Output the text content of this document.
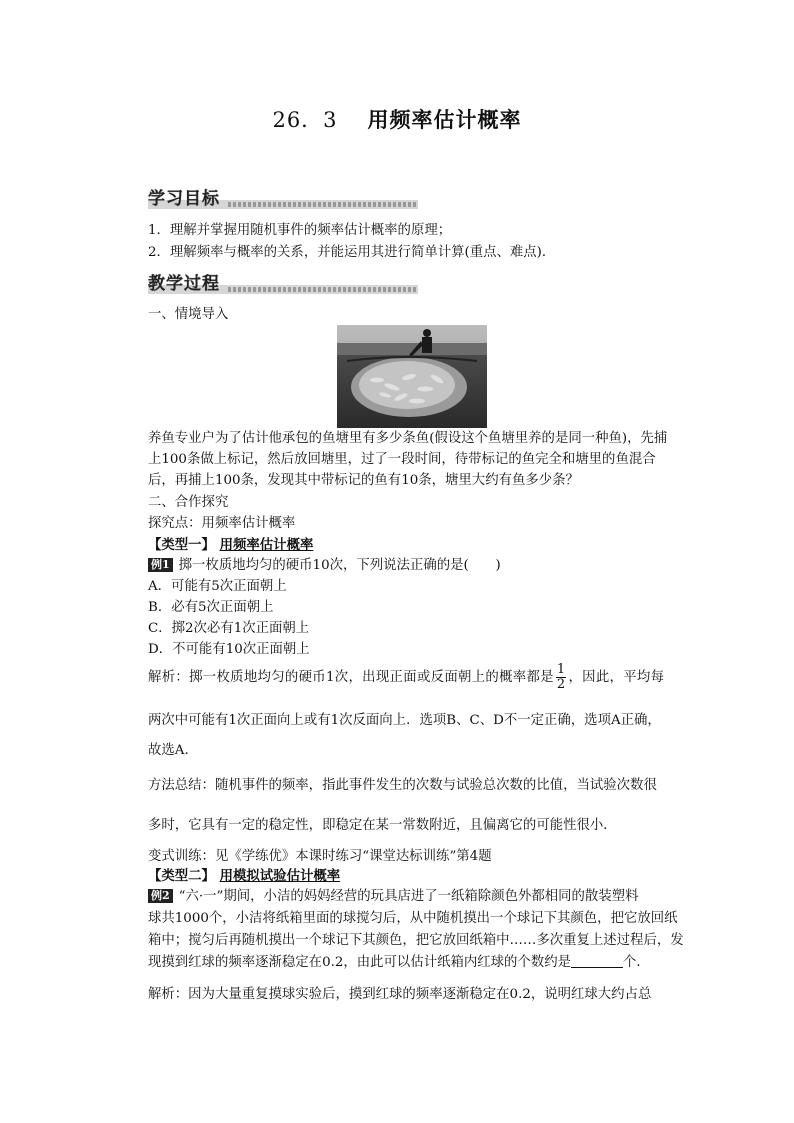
26．3 用频率估计概率
学习目标
1．理解并掌握用随机事件的频率估计概率的原理；
2．理解频率与概率的关系，并能运用其进行简单计算(重点、难点)．
教学过程
一、情境导入
养鱼专业户为了估计他承包的鱼塘里有多少条鱼(假设这个鱼塘里养的是同一种鱼)，先捕上100条做上标记，然后放回塘里，过了一段时间，待带标记的鱼完全和塘里的鱼混合后，再捕上100条，发现其中带标记的鱼有10条，塘里大约有鱼多少条？
二、合作探究
探究点：用频率估计概率
【类型一】 用频率估计概率
例1 掷一枚质地均匀的硬币10次，下列说法正确的是(　　)
A．可能有5次正面朝上
B．必有5次正面朝上
C．掷2次必有1次正面朝上
D．不可能有10次正面朝上
解析：掷一枚质地均匀的硬币1次，出现正面或反面朝上的概率都是 $\frac{1}{2}$ ，因此，平均每
两次中可能有1次正面向上或有1次反面向上．选项B、C、D不一定正确，选项A正确，
故选A.
方法总结：随机事件的频率，指此事件发生的次数与试验总次数的比值，当试验次数很
多时，它具有一定的稳定性，即稳定在某一常数附近，且偏离它的可能性很小．
变式训练：见《学练优》本课时练习“课堂达标训练”第4题
【类型二】 用模拟试验估计概率
例2 “六·一”期间，小洁的妈妈经营的玩具店进了一纸箱除颜色外都相同的散装塑料
球共1000个，小洁将纸箱里面的球搅匀后，从中随机摸出一个球记下其颜色，把它放回纸
箱中；搅匀后再随机摸出一个球记下其颜色，把它放回纸箱中……多次重复上述过程后，发
现摸到红球的频率逐渐稳定在0.2，由此可以估计纸箱内红球的个数约是	个．
解析：因为大量重复摸球实验后，摸到红球的频率逐渐稳定在0.2，说明红球大约占总
